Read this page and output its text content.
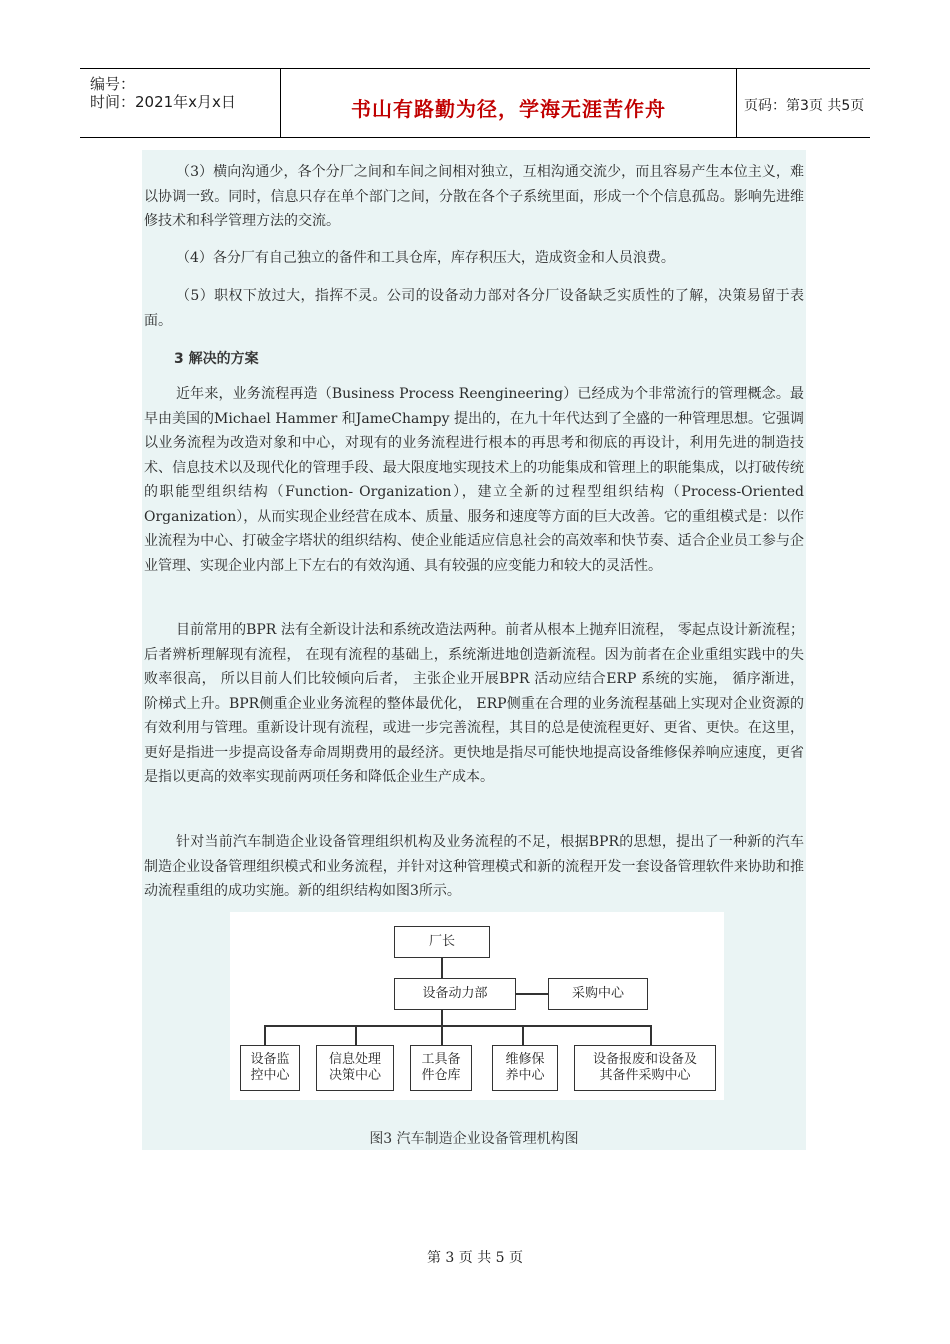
编号：
时间：2021年x月x日	书山有路勤为径，学海无涯苦作舟	页码：第3页 共5页
（3）横向沟通少，各个分厂之间和车间之间相对独立，互相沟通交流少，而且容易产生本位主义，难以协调一致。同时，信息只存在单个部门之间，分散在各个子系统里面，形成一个个信息孤岛。影响先进维修技术和科学管理方法的交流。
（4）各分厂有自己独立的备件和工具仓库，库存积压大，造成资金和人员浪费。
（5）职权下放过大，指挥不灵。公司的设备动力部对各分厂设备缺乏实质性的了解，决策易留于表面。
3 解决的方案
近年来，业务流程再造（Business Process Reengineering）已经成为个非常流行的管理概念。最早由美国的Michael Hammer 和JameChampy 提出的，在九十年代达到了全盛的一种管理思想。它强调以业务流程为改造对象和中心，对现有的业务流程进行根本的再思考和彻底的再设计，利用先进的制造技术、信息技术以及现代化的管理手段、最大限度地实现技术上的功能集成和管理上的职能集成，以打破传统的职能型组织结构（Function- Organization），建立全新的过程型组织结构（Process-Oriented Organization），从而实现企业经营在成本、质量、服务和速度等方面的巨大改善。它的重组模式是：以作业流程为中心、打破金字塔状的组织结构、使企业能适应信息社会的高效率和快节奏、适合企业员工参与企业管理、实现企业内部上下左右的有效沟通、具有较强的应变能力和较大的灵活性。
目前常用的BPR 法有全新设计法和系统改造法两种。前者从根本上抛弃旧流程， 零起点设计新流程； 后者辨析理解现有流程， 在现有流程的基础上，系统渐进地创造新流程。因为前者在企业重组实践中的失败率很高， 所以目前人们比较倾向后者， 主张企业开展BPR 活动应结合ERP 系统的实施， 循序渐进， 阶梯式上升。BPR侧重企业业务流程的整体最优化， ERP侧重在合理的业务流程基础上实现对企业资源的有效利用与管理。重新设计现有流程，或进一步完善流程，其目的总是使流程更好、更省、更快。在这里，更好是指进一步提高设备寿命周期费用的最经济。更快地是指尽可能快地提高设备维修保养响应速度，更省是指以更高的效率实现前两项任务和降低企业生产成本。
针对当前汽车制造企业设备管理组织机构及业务流程的不足，根据BPR的思想，提出了一种新的汽车制造企业设备管理组织模式和业务流程，并针对这种管理模式和新的流程开发一套设备管理软件来协助和推动流程重组的成功实施。新的组织结构如图3所示。
厂长
设备动力部	采购中心
设备监
控中心
信息处理
决策中心
工具备
件仓库
维修保
养中心
设备报废和设备及
其备件采购中心
图3 汽车制造企业设备管理机构图
第 3 页 共 5 页
